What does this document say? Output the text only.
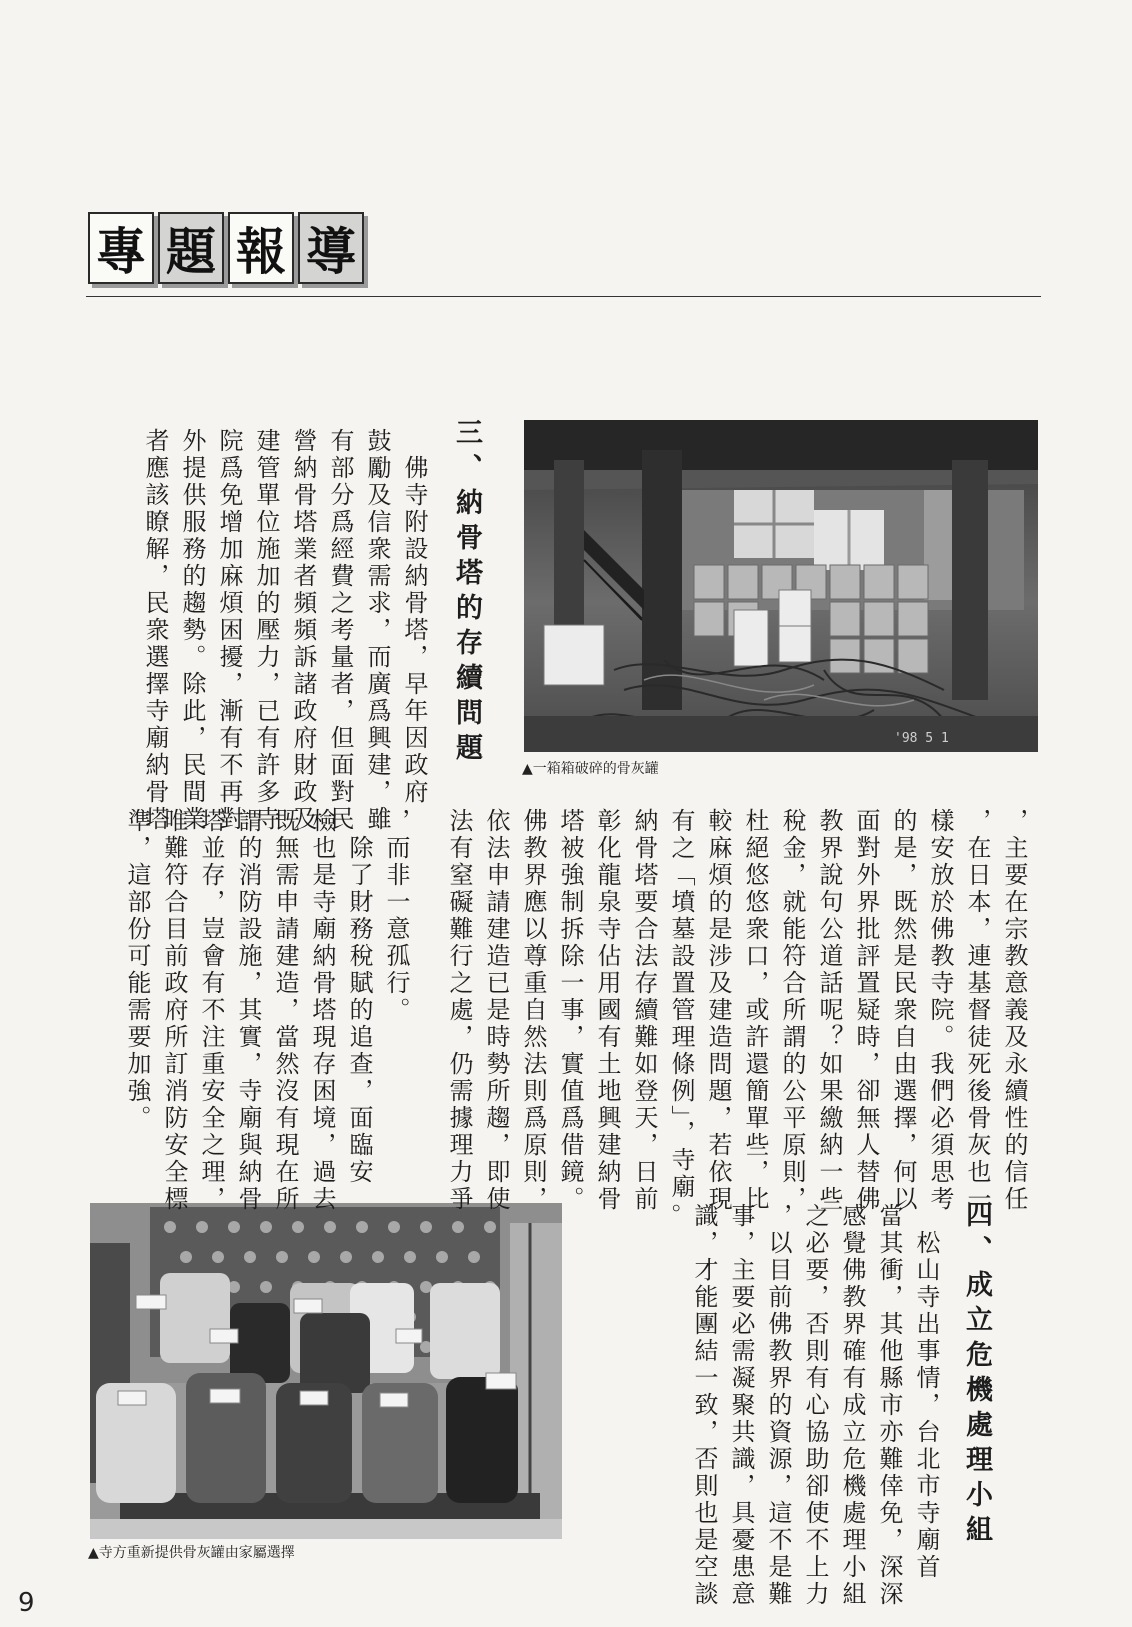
專 題 報 導
'98 5 1
▲一箱箱破碎的骨灰罐
▲寺方重新提供骨灰罐由家屬選擇
三、納骨塔的存續問題
　佛寺附設納骨塔，早年因政府
鼓勵及信衆需求，而廣爲興建，雖
有部分爲經費之考量者，但面對民
營納骨塔業者頻頻訴諸政府財政及
建管單位施加的壓力，已有許多寺
院爲免增加麻煩困擾，漸有不再對
外提供服務的趨勢。除此，民間業
者應該瞭解，民衆選擇寺廟納骨塔
，主要在宗教意義及永續性的信任
，在日本，連基督徒死後骨灰也一
樣安放於佛教寺院。我們必須思考
的是，既然是民衆自由選擇，何以
面對外界批評置疑時，卻無人替佛
教界說句公道話呢？如果繳納一些
稅金，就能符合所謂的公平原則，
杜絕悠悠衆口，或許還簡單些，比
較麻煩的是涉及建造問題，若依現
有之「墳墓設置管理條例」，寺廟
納骨塔要合法存續難如登天，日前
彰化龍泉寺佔用國有土地興建納骨
塔被強制拆除一事，實值爲借鏡。
佛教界應以尊重自然法則爲原則，
依法申請建造已是時勢所趨，即使
法有窒礙難行之處，仍需據理力爭
，而非一意孤行。
　除了財務稅賦的追查，面臨安
檢也是寺廟納骨塔現存困境，過去
既無需申請建造，當然沒有現在所
謂的消防設施，其實，寺廟與納骨
塔並存，豈會有不注重安全之理，
唯難符合目前政府所訂消防安全標
準，這部份可能需要加強。
四、成立危機處理小組
　松山寺出事情，台北市寺廟首
當其衝，其他縣市亦難倖免，深深
感覺佛教界確有成立危機處理小組
之必要，否則有心協助卻使不上力
，以目前佛教界的資源，這不是難
事，主要必需凝聚共識，具憂患意
識，才能團結一致，否則也是空談
。
9
